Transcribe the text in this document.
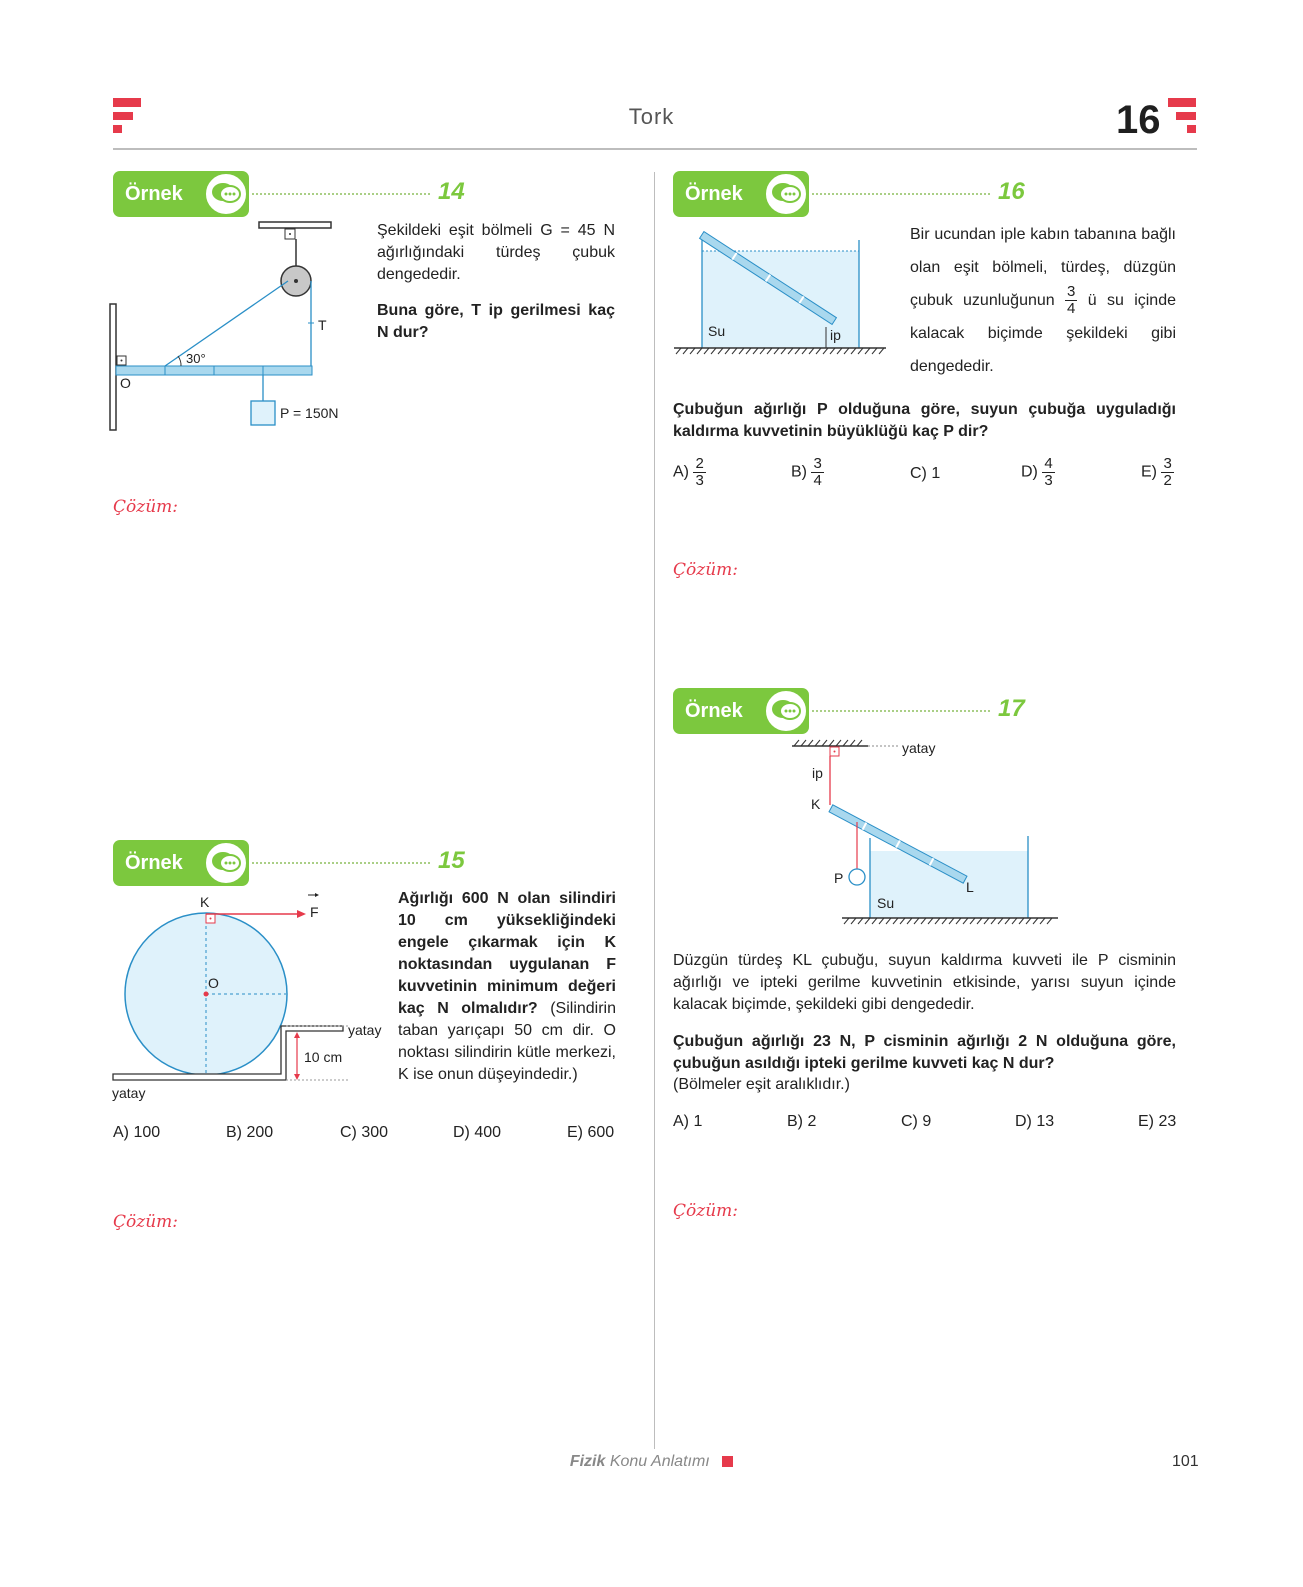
Tork	16
Örnek	14
30°
T
O
P = 150N
Şekildeki eşit bölmeli G = 45 N ağırlığındaki türdeş çubuk dengededir.
Buna göre, T ip gerilmesi kaç N dur?
Çözüm:
Örnek	15
K
F
O
yatay
10 cm
yatay
Ağırlığı 600 N olan silindiri 10 cm yüksekliğindeki engele çıkarmak için K noktasından uygulanan F kuvvetinin minimum değeri kaç N olmalıdır? (Silindirin taban yarıçapı 50 cm dir. O noktası silindirin kütle merkezi, K ise onun düşeyindedir.)
A) 100	B) 200	C) 300	D) 400	E) 600
Çözüm:
Örnek	16
Su	ip
Bir ucundan iple kabın tabanına bağlı olan eşit bölmeli, türdeş, düzgün çubuk uzunluğunun $\frac{3}{4}$ ü su içinde kalacak biçimde şekildeki gibi dengededir.
Çubuğun ağırlığı P olduğuna göre, suyun çubuğa uyguladığı kaldırma kuvvetinin büyüklüğü kaç P dir?
$A) \frac{2}{3}$	$B) \frac{3}{4}$	C) 1	$D) \frac{4}{3}$	$E) \frac{3}{2}$
Çözüm:
Örnek	17
yatay
ip
K
P
L
Su
Düzgün türdeş KL çubuğu, suyun kaldırma kuvveti ile P cisminin ağırlığı ve ipteki gerilme kuvvetinin etkisinde, yarısı suyun içinde kalacak biçimde, şekildeki gibi dengededir.
Çubuğun ağırlığı 23 N, P cisminin ağırlığı 2 N olduğuna göre, çubuğun asıldığı ipteki gerilme kuvveti kaç N dur?
(Bölmeler eşit aralıklıdır.)
A) 1	B) 2	C) 9	D) 13	E) 23
Çözüm:
Fizik Konu Anlatımı	101
